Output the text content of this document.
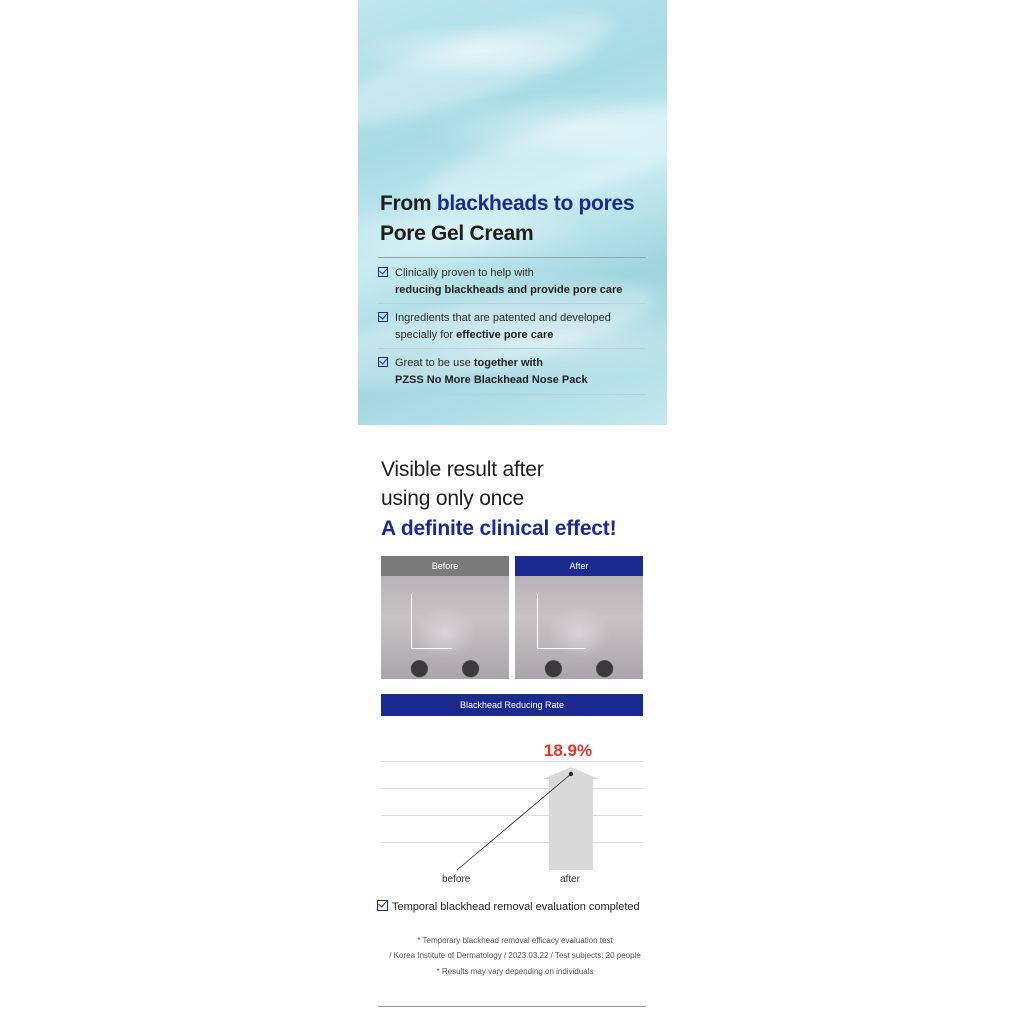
From blackheads to pores
Pore Gel Cream
Clinically proven to help with
reducing blackheads and provide pore care
Ingredients that are patented and developed
specially for effective pore care
Great to be use together with
PZSS No More Blackhead Nose Pack
Visible result after
using only once
A definite clinical effect!
Before	After
Blackhead Reducing Rate
18.9%
before	after
Temporal blackhead removal evaluation completed
* Temporary blackhead removal efficacy evaluation test
/ Korea Institute of Dermatology / 2023.03.22 / Test subjects: 20 people
* Results may vary depending on individuals
